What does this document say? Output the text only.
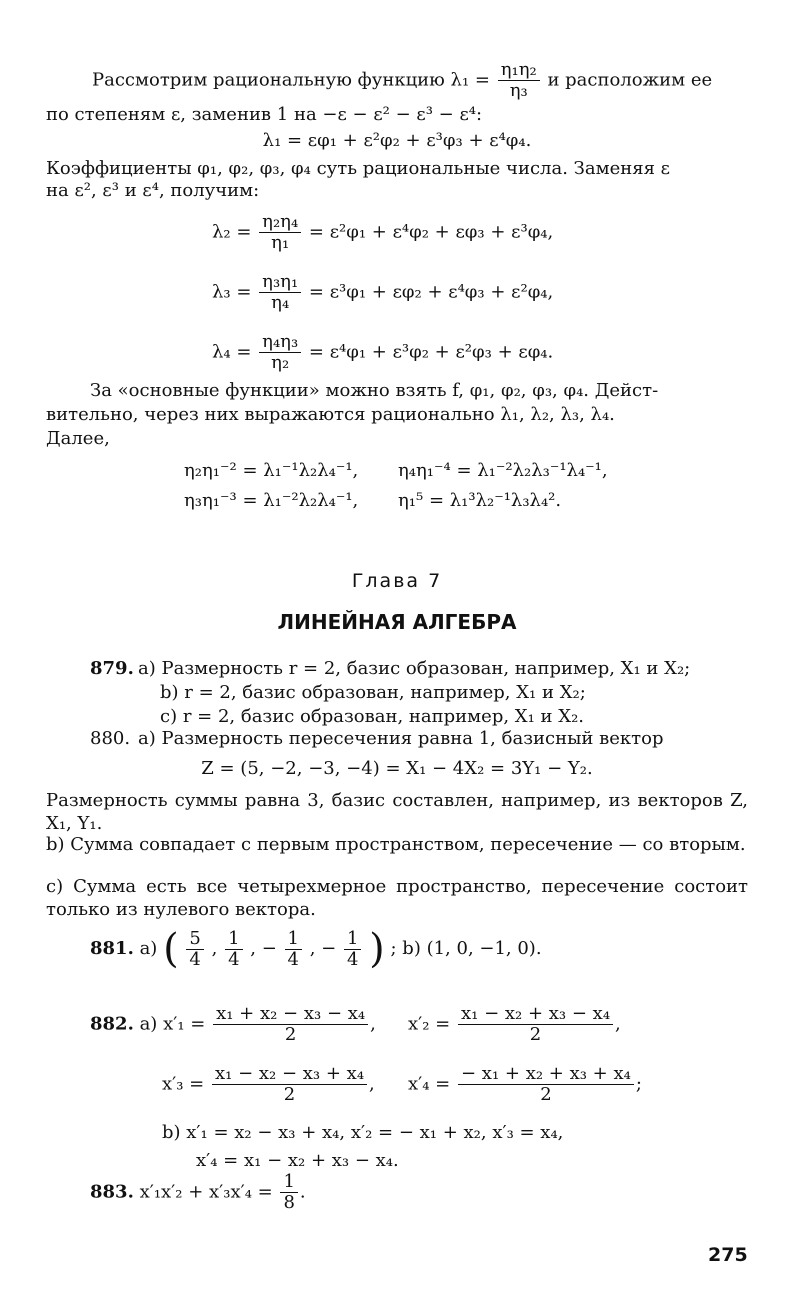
Рассмотрим рациональную функцию $\lambda_1 = \frac{\text{η₁η₂}}{\text{η₃}}$ и расположим ее
по степеням ε, заменив 1 на −ε − ε² − ε³ − ε⁴:
λ₁ = εφ₁ + ε²φ₂ + ε³φ₃ + ε⁴φ₄.
Коэффициенты φ₁, φ₂, φ₃, φ₄ суть рациональные числа. Заменяя ε
на ε², ε³ и ε⁴, получим:
$\lambda_2 = \frac{\text{η₂η₄}}{\text{η₁}} = \varepsilon^2\varphi_1 + \varepsilon^4\varphi_2 + \varepsilon\varphi_3 + \varepsilon^3\varphi_4$,
$\lambda_3 = \frac{\text{η₃η₁}}{\text{η₄}} = \varepsilon^3\varphi_1 + \varepsilon\varphi_2 + \varepsilon^4\varphi_3 + \varepsilon^2\varphi_4$,
$\lambda_4 = \frac{\text{η₄η₃}}{\text{η₂}} = \varepsilon^4\varphi_1 + \varepsilon^3\varphi_2 + \varepsilon^2\varphi_3 + \varepsilon\varphi_4$.
За «основные функции» можно взять f, φ₁, φ₂, φ₃, φ₄. Дейст-
вительно, через них выражаются рационально λ₁, λ₂, λ₃, λ₄.
Далее,
η₂η₁⁻² = λ₁⁻¹λ₂λ₄⁻¹, η₄η₁⁻⁴ = λ₁⁻²λ₂λ₃⁻¹λ₄⁻¹,
η₃η₁⁻³ = λ₁⁻²λ₂λ₄⁻¹, η₁⁵ = λ₁³λ₂⁻¹λ₃λ₄².
Глава 7
ЛИНЕЙНАЯ АЛГЕБРА
879. a) Размерность r = 2, базис образован, например, X₁ и X₂;
b) r = 2, базис образован, например, X₁ и X₂;
c) r = 2, базис образован, например, X₁ и X₂.
880. a) Размерность пересечения равна 1, базисный вектор
Z = (5, −2, −3, −4) = X₁ − 4X₂ = 3Y₁ − Y₂.
Размерность суммы равна 3, базис составлен, например, из векторов Z, X₁, Y₁.
b) Сумма совпадает с первым пространством, пересечение — со вторым.
c) Сумма есть все четырехмерное пространство, пересечение состоит только из нулевого вектора.
881. a) ( $\frac{5}{4}$ , $\frac{1}{4}$ , − $\frac{1}{4}$ , − $\frac{1}{4}$ ) ; b) (1, 0, −1, 0).
882. a) $x'_1 = \frac{\text{x₁ + x₂ − x₃ − x₄}}{2}$ , $x'_2 = \frac{\text{x₁ − x₂ + x₃ − x₄}}{2}$ ,
$x'_3 = \frac{\text{x₁ − x₂ − x₃ + x₄}}{2}$ , $x'_4 = \frac{\text{− x₁ + x₂ + x₃ + x₄}}{2}$ ;
b) x′₁ = x₂ − x₃ + x₄, x′₂ = − x₁ + x₂, x′₃ = x₄,
x′₄ = x₁ − x₂ + x₃ − x₄.
883. $x'_1x'_2 + x'_3x'_4 = \frac{1}{8}$ .
275
